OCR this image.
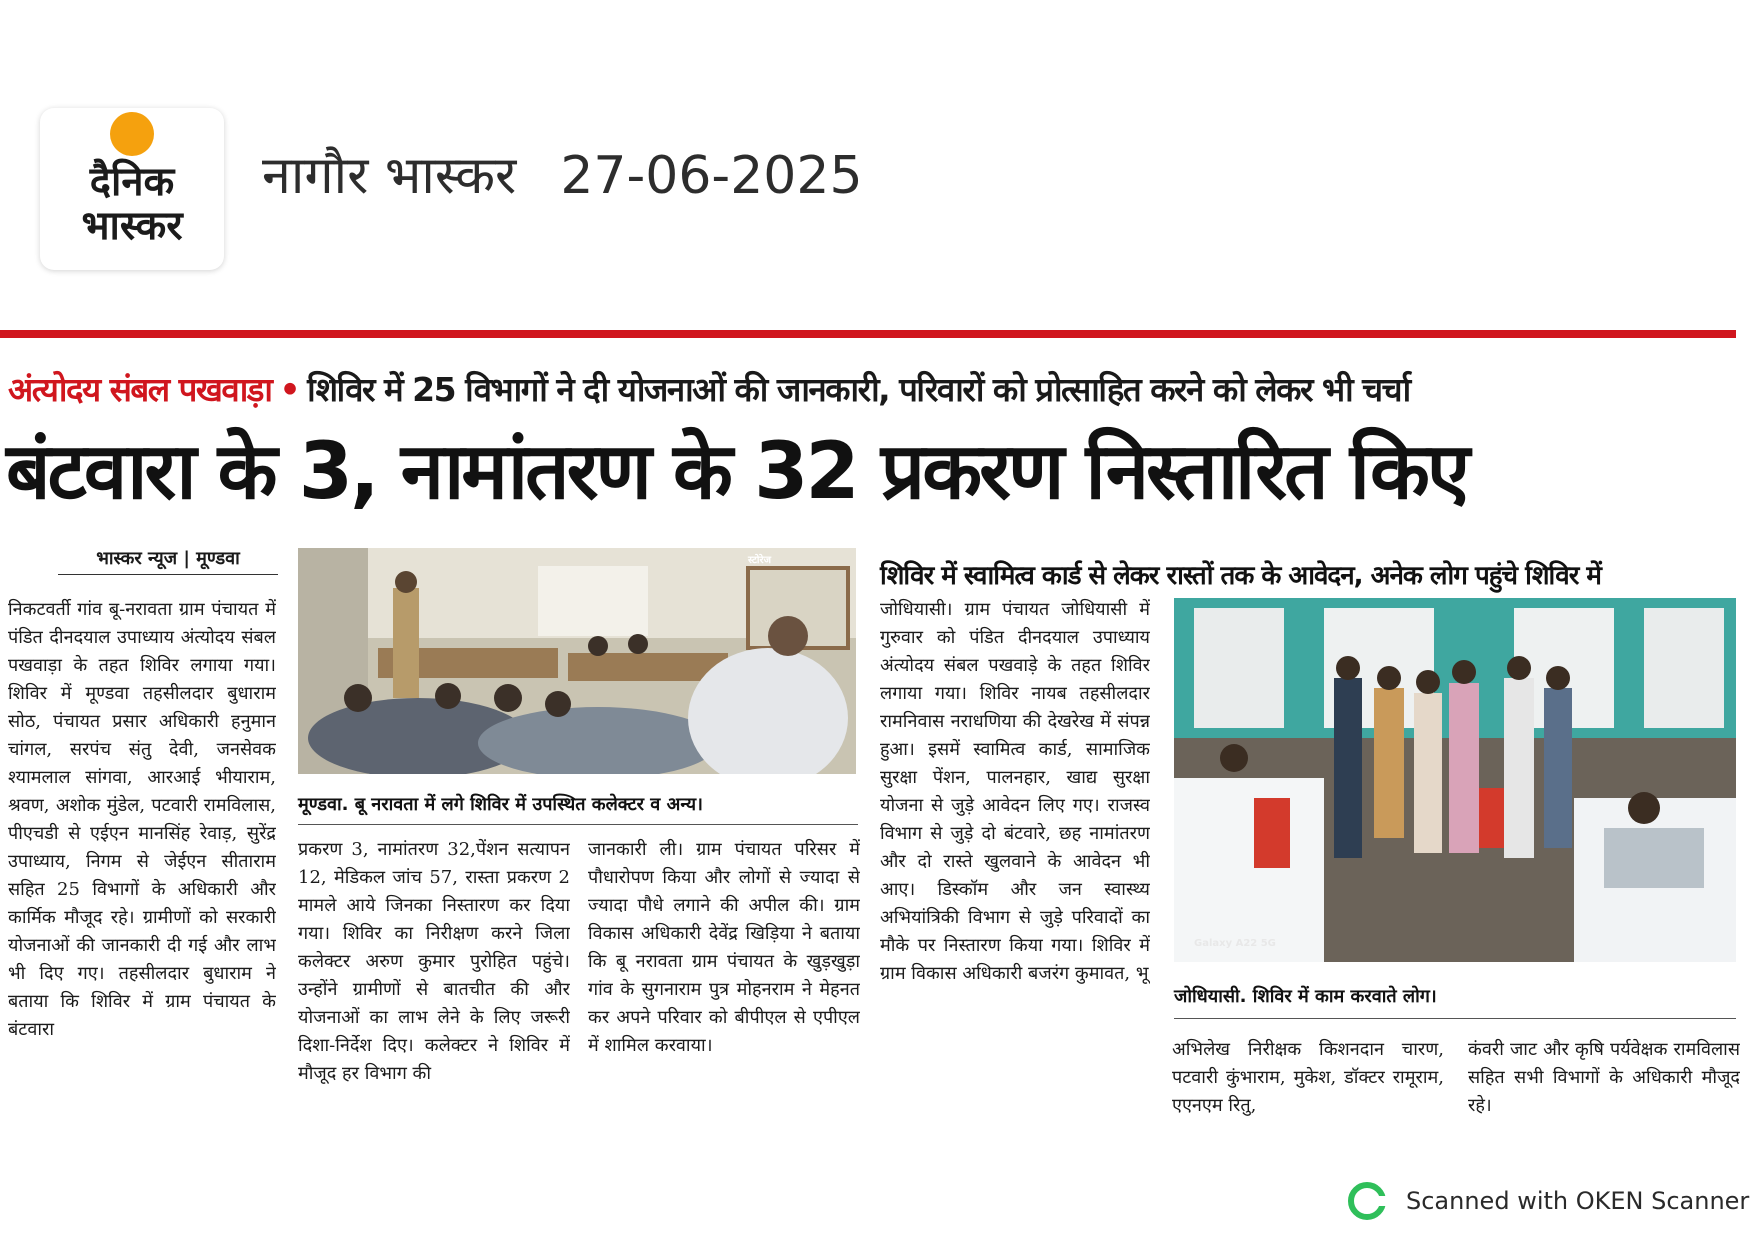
दैनिक
भास्कर
नागौर भास्कर 27-06-2025
अंत्योदय संबल पखवाड़ा • शिविर में 25 विभागों ने दी योजनाओं की जानकारी, परिवारों को प्रोत्साहित करने को लेकर भी चर्चा
बंटवारा के 3, नामांतरण के 32 प्रकरण निस्तारित किए
भास्कर न्यूज | मूण्डवा
निकटवर्ती गांव बू-नरावता ग्राम पंचायत में पंडित दीनदयाल उपाध्याय अंत्योदय संबल पखवाड़ा के तहत शिविर लगाया गया। शिविर में मूण्डवा तहसीलदार बुधाराम सोठ, पंचायत प्रसार अधिकारी हनुमान चांगल, सरपंच संतु देवी, जनसेवक श्यामलाल सांगवा, आरआई भीयाराम, श्रवण, अशोक मुंडेल, पटवारी रामविलास, पीएचडी से एईएन मानसिंह रेवाड़, सुरेंद्र उपाध्याय, निगम से जेईएन सीताराम सहित 25 विभागों के अधिकारी और कार्मिक मौजूद रहे। ग्रामीणों को सरकारी योजनाओं की जानकारी दी गई और लाभ भी दिए गए। तहसीलदार बुधाराम ने बताया कि शिविर में ग्राम पंचायत के बंटवारा
स्टोरेज
मूण्डवा. बू नरावता में लगे शिविर में उपस्थित कलेक्टर व अन्य।
प्रकरण 3, नामांतरण 32,पेंशन सत्यापन 12, मेडिकल जांच 57, रास्ता प्रकरण 2 मामले आये जिनका निस्तारण कर दिया गया। शिविर का निरीक्षण करने जिला कलेक्टर अरुण कुमार पुरोहित पहुंचे। उन्होंने ग्रामीणों से बातचीत की और योजनाओं का लाभ लेने के लिए जरूरी दिशा-निर्देश दिए। कलेक्टर ने शिविर में मौजूद हर विभाग की
जानकारी ली। ग्राम पंचायत परिसर में पौधारोपण किया और लोगों से ज्यादा से ज्यादा पौधे लगाने की अपील की। ग्राम विकास अधिकारी देवेंद्र खिड़िया ने बताया कि बू नरावता ग्राम पंचायत के खुड़खुड़ा गांव के सुगनाराम पुत्र मोहनराम ने मेहनत कर अपने परिवार को बीपीएल से एपीएल में शामिल करवाया।
शिविर में स्वामित्व कार्ड से लेकर रास्तों तक के आवेदन, अनेक लोग पहुंचे शिविर में
जोधियासी। ग्राम पंचायत जोधियासी में गुरुवार को पंडित दीनदयाल उपाध्याय अंत्योदय संबल पखवाड़े के तहत शिविर लगाया गया। शिविर नायब तहसीलदार रामनिवास नराधणिया की देखरेख में संपन्न हुआ। इसमें स्वामित्व कार्ड, सामाजिक सुरक्षा पेंशन, पालनहार, खाद्य सुरक्षा योजना से जुड़े आवेदन लिए गए। राजस्व विभाग से जुड़े दो बंटवारे, छह नामांतरण और दो रास्ते खुलवाने के आवेदन भी आए। डिस्कॉम और जन स्वास्थ्य अभियांत्रिकी विभाग से जुड़े परिवादों का मौके पर निस्तारण किया गया। शिविर में ग्राम विकास अधिकारी बजरंग कुमावत, भू
Galaxy A22 5G
जोधियासी. शिविर में काम करवाते लोग।
अभिलेख निरीक्षक किशनदान चारण, पटवारी कुंभाराम, मुकेश, डॉक्टर रामूराम, एएनएम रितु,
कंवरी जाट और कृषि पर्यवेक्षक रामविलास सहित सभी विभागों के अधिकारी मौजूद रहे।
Scanned with OKEN Scanner
